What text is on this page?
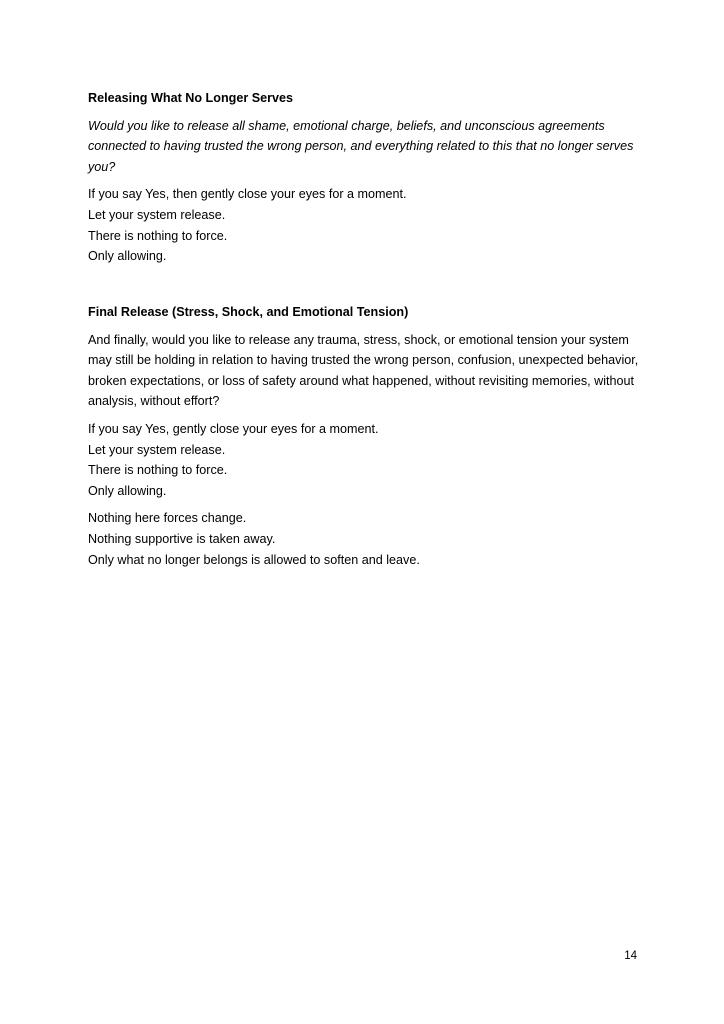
Releasing What No Longer Serves

Would you like to release all shame, emotional charge, beliefs, and unconscious agreements connected to having trusted the wrong person, and everything related to this that no longer serves you?

If you say Yes, then gently close your eyes for a moment.
Let your system release.
There is nothing to force.
Only allowing.

Final Release (Stress, Shock, and Emotional Tension)

And finally, would you like to release any trauma, stress, shock, or emotional tension your system may still be holding in relation to having trusted the wrong person, confusion, unexpected behavior, broken expectations, or loss of safety around what happened, without revisiting memories, without analysis, without effort?

If you say Yes, gently close your eyes for a moment.
Let your system release.
There is nothing to force.
Only allowing.

Nothing here forces change.
Nothing supportive is taken away.
Only what no longer belongs is allowed to soften and leave.

14
